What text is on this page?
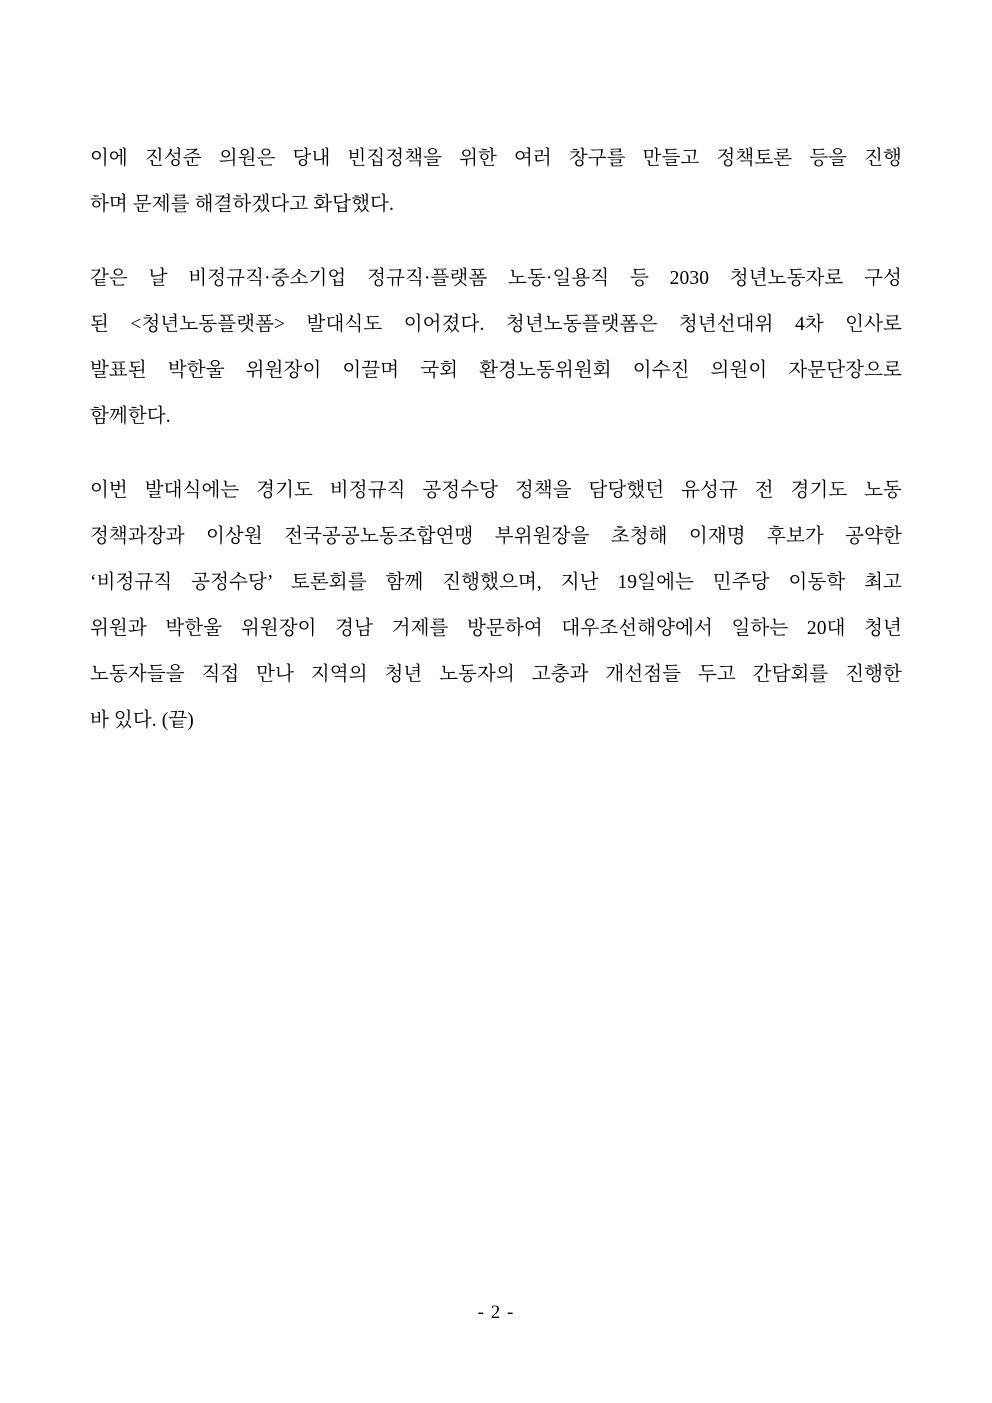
이에 진성준 의원은 당내 빈집정책을 위한 여러 창구를 만들고 정책토론 등을 진행
하며 문제를 해결하겠다고 화답했다.

같은 날 비정규직·중소기업 정규직·플랫폼 노동·일용직 등 2030 청년노동자로 구성
된 <청년노동플랫폼> 발대식도 이어졌다. 청년노동플랫폼은 청년선대위 4차 인사로
발표된 박한울 위원장이 이끌며 국회 환경노동위원회 이수진 의원이 자문단장으로
함께한다.

이번 발대식에는 경기도 비정규직 공정수당 정책을 담당했던 유성규 전 경기도 노동
정책과장과 이상원 전국공공노동조합연맹 부위원장을 초청해 이재명 후보가 공약한
‘비정규직 공정수당’ 토론회를 함께 진행했으며, 지난 19일에는 민주당 이동학 최고
위원과 박한울 위원장이 경남 거제를 방문하여 대우조선해양에서 일하는 20대 청년
노동자들을 직접 만나 지역의 청년 노동자의 고충과 개선점들 두고 간담회를 진행한
바 있다. (끝)

- 2 -
